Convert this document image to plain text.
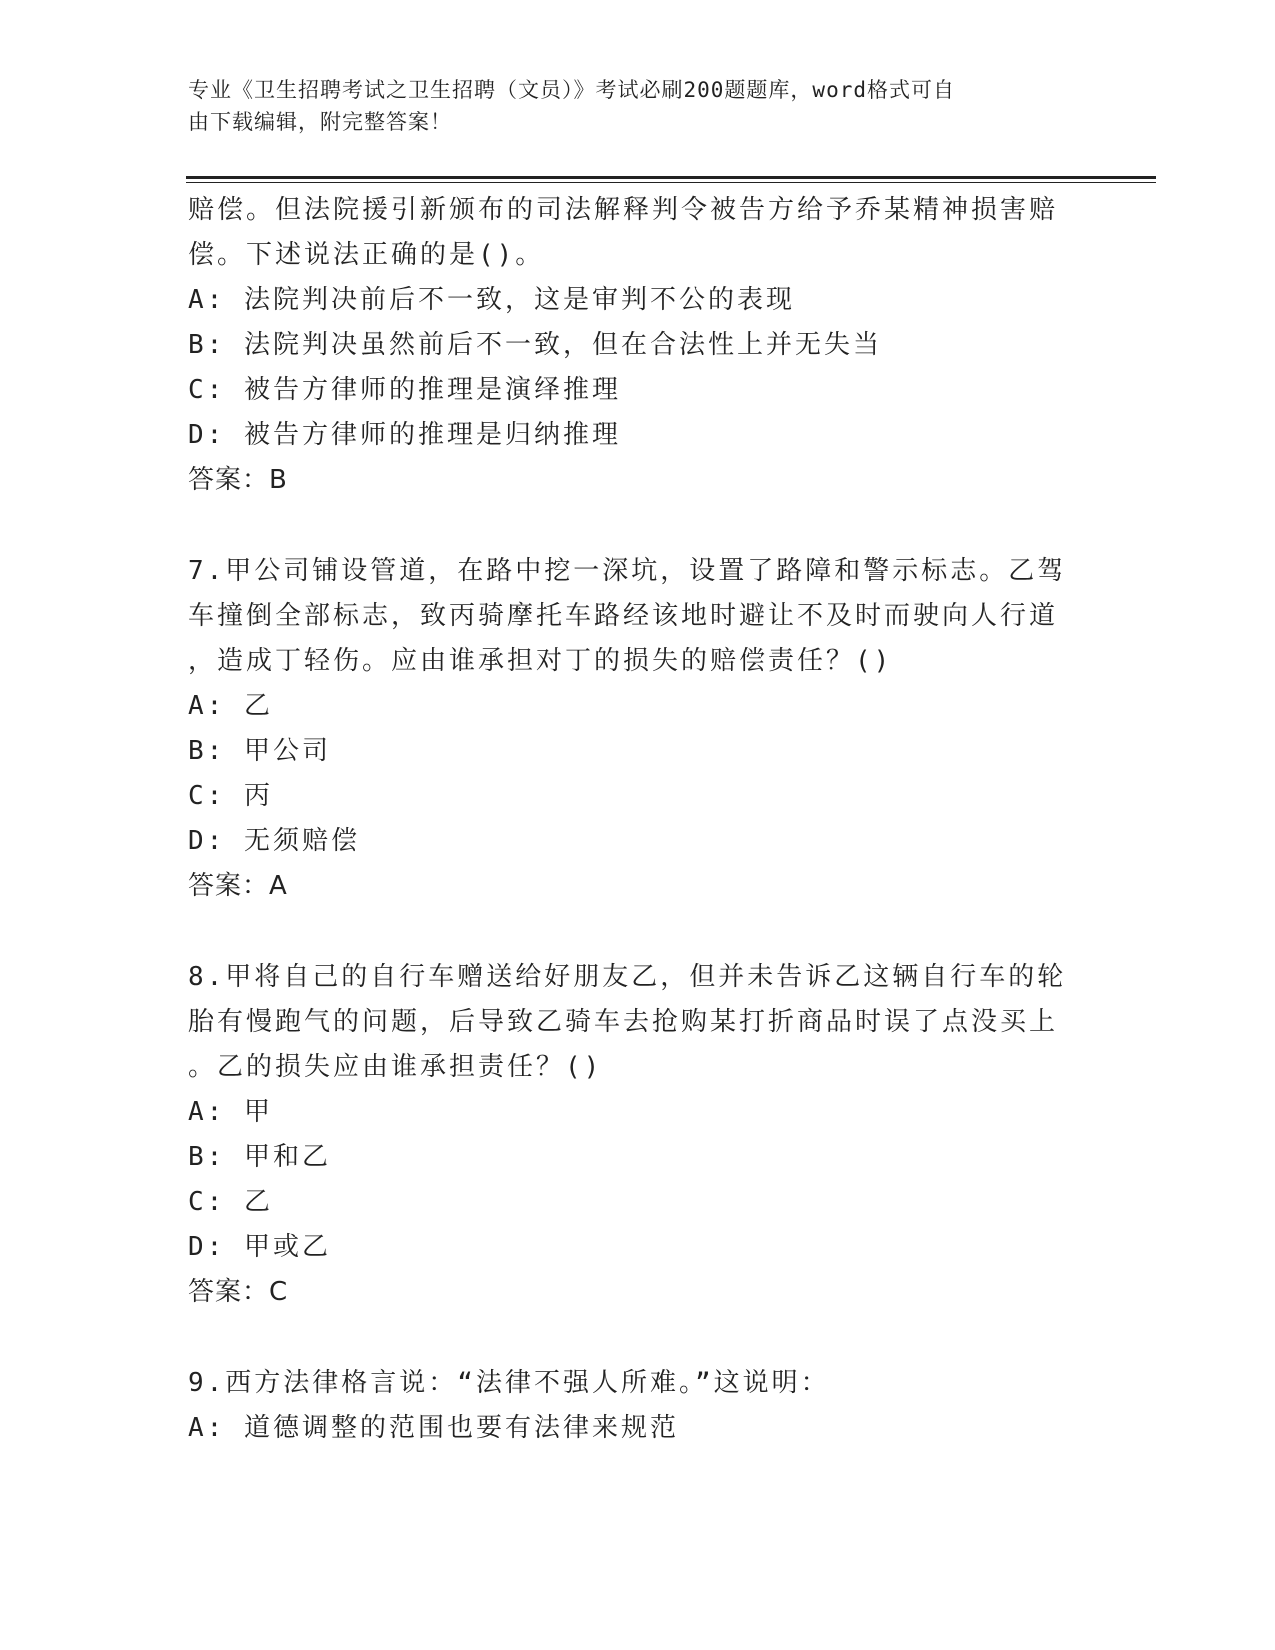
专业《卫生招聘考试之卫生招聘（文员）》考试必刷200题题库，word格式可自
由下载编辑，附完整答案！
赔偿。但法院援引新颁布的司法解释判令被告方给予乔某精神损害赔
偿。下述说法正确的是()。
A: 法院判决前后不一致，这是审判不公的表现
B: 法院判决虽然前后不一致，但在合法性上并无失当
C: 被告方律师的推理是演绎推理
D: 被告方律师的推理是归纳推理
答案：B
7.甲公司铺设管道，在路中挖一深坑，设置了路障和警示标志。乙驾
车撞倒全部标志，致丙骑摩托车路经该地时避让不及时而驶向人行道
，造成丁轻伤。应由谁承担对丁的损失的赔偿责任？()
A: 乙
B: 甲公司
C: 丙
D: 无须赔偿
答案：A
8.甲将自己的自行车赠送给好朋友乙，但并未告诉乙这辆自行车的轮
胎有慢跑气的问题，后导致乙骑车去抢购某打折商品时误了点没买上
。乙的损失应由谁承担责任？()
A: 甲
B: 甲和乙
C: 乙
D: 甲或乙
答案：C
9.西方法律格言说：“法律不强人所难。”这说明：
A: 道德调整的范围也要有法律来规范
